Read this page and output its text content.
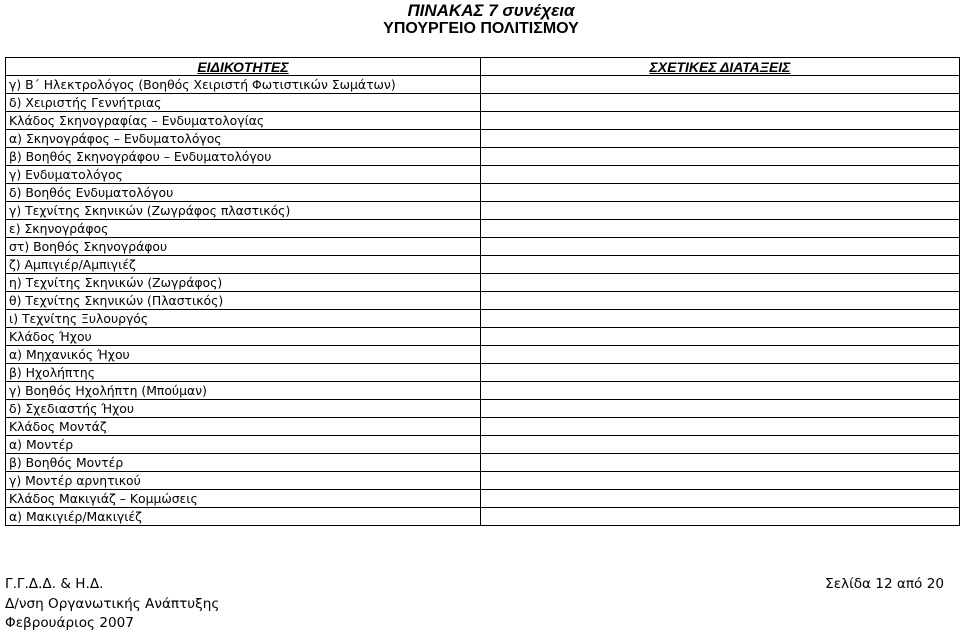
ΠΙΝΑΚΑΣ 7 συνέχεια
ΥΠΟΥΡΓΕΙΟ ΠΟΛΙΤΙΣΜΟΥ
ΕΙΔΙΚΟΤΗΤΕΣ	ΣΧΕΤΙΚΕΣ ΔΙΑΤΑΞΕΙΣ
γ) Β΄ Ηλεκτρολόγος (Βοηθός Χειριστή Φωτιστικών Σωμάτων)	
δ) Χειριστής Γεννήτριας	
Κλάδος Σκηνογραφίας – Ενδυματολογίας	
α) Σκηνογράφος – Ενδυματολόγος	
β) Βοηθός Σκηνογράφου – Ενδυματολόγου	
γ) Ενδυματολόγος	
δ) Βοηθός Ενδυματολόγου	
γ) Τεχνίτης Σκηνικών (Ζωγράφος πλαστικός)	
ε) Σκηνογράφος	
στ) Βοηθός Σκηνογράφου	
ζ) Αμπιγιέρ/Αμπιγιέζ	
η) Τεχνίτης Σκηνικών (Ζωγράφος)	
θ) Τεχνίτης Σκηνικών (Πλαστικός)	
ι) Τεχνίτης Ξυλουργός	
Κλάδος Ήχου	
α) Μηχανικός Ήχου	
β) Ηχολήπτης	
γ) Βοηθός Ηχολήπτη (Μπούμαν)	
δ) Σχεδιαστής Ήχου	
Κλάδος Μοντάζ	
α) Μοντέρ	
β) Βοηθός Μοντέρ	
γ) Μοντέρ αρνητικού	
Κλάδος Μακιγιάζ – Κομμώσεις	
α) Μακιγιέρ/Μακιγιέζ	
Γ.Γ.Δ.Δ. & Η.Δ.
Δ/νση Οργανωτικής Ανάπτυξης
Φεβρουάριος 2007
Σελίδα 12 από 20
